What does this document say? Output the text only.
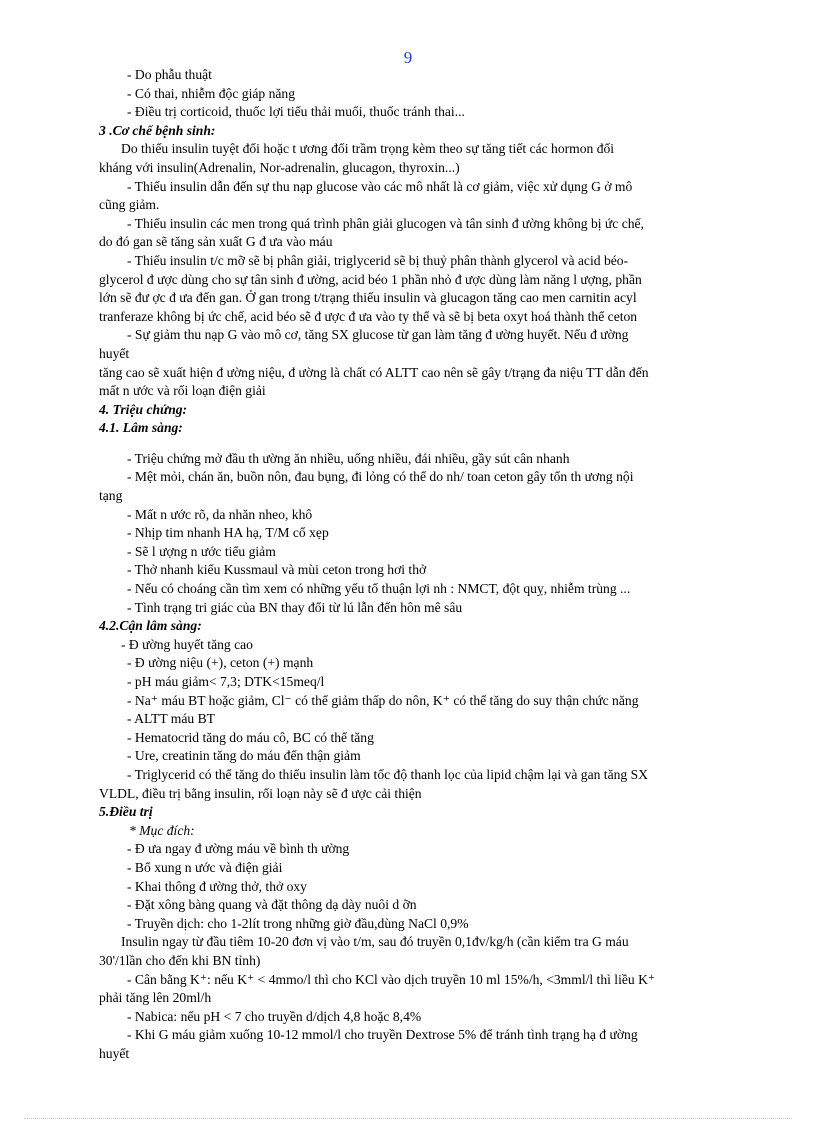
9
- Do phẫu thuật
- Có thai, nhiễm độc giáp năng
- Điều trị corticoid, thuốc lợi tiểu thải muối, thuốc tránh thai...
3 .Cơ chế bệnh sinh:
Do thiếu insulin tuyệt đối hoặc t ương đối trầm trọng kèm theo sự tăng tiết các hormon đối
kháng với insulin(Adrenalin, Nor-adrenalin, glucagon, thyroxin...)
- Thiếu insulin dẫn đến sự thu nạp glucose vào các mô nhất là cơ giảm, việc xử dụng G ở mô
cũng giảm.
- Thiếu insulin các men trong quá trình phân giải glucogen và tân sinh đ ường không bị ức chế,
do đó gan sẽ tăng sản xuất G đ ưa vào máu
- Thiếu insulin t/c mỡ sẽ bị phân giải, triglycerid sẽ bị thuỷ phân thành glycerol và acid béo-
glycerol đ ược dùng cho sự tân sinh đ ường, acid béo 1 phần nhỏ đ ược dùng làm năng l ượng, phần
lớn sẽ đư ợc đ ưa đến gan. Ở gan trong t/trạng thiếu insulin và glucagon tăng cao men carnitin acyl
tranferaze không bị ức chế, acid béo sẽ đ ược đ ưa vào ty thể và sẽ bị beta oxyt hoá thành thể ceton
- Sự giảm thu nạp G vào mô cơ, tăng SX glucose từ gan làm tăng đ ường huyết. Nếu đ ường
huyết
tăng cao sẽ xuất hiện đ ường niệu, đ ường là chất có ALTT cao nên sẽ gây t/trạng đa niệu TT dẫn đến
mất n ước và rối loạn điện giải
4. Triệu chứng:
4.1. Lâm sàng:
- Triệu chứng mở đầu th ường ăn nhiều, uống nhiều, đái nhiều, gầy sút cân nhanh
- Mệt mỏi, chán ăn, buồn nôn, đau bụng, đi lỏng có thể do nh/ toan ceton gây tổn th ương nội
tạng
- Mất n ước rõ, da nhăn nheo, khô
- Nhịp tim nhanh HA hạ, T/M cổ xẹp
- Sẽ l ượng n ước tiểu giảm
- Thở nhanh kiểu Kussmaul và mùi ceton trong hơi thở
- Nếu có choáng cần tìm xem có những yếu tố thuận lợi nh : NMCT, đột quỵ, nhiễm trùng ...
- Tình trạng tri giác của BN thay đổi từ lú lẫn đến hôn mê sâu
4.2.Cận lâm sàng:
- Đ ường huyết tăng cao
- Đ ường niệu (+), ceton (+) mạnh
- pH máu giảm< 7,3; DTK<15meq/l
- Na⁺ máu BT hoặc giảm, Cl⁻ có thể giảm thấp do nôn, K⁺ có thể tăng do suy thận chức năng
- ALTT máu BT
- Hematocrid tăng do máu cô, BC có thể tăng
- Ure, creatinin tăng do máu đến thận giảm
- Triglycerid có thể tăng do thiếu insulin làm tốc độ thanh lọc của lipid chậm lại và gan tăng SX
VLDL, điều trị bằng insulin, rối loạn này sẽ đ ược cải thiện
5.Điều trị
* Mục đích:
- Đ ưa ngay đ ường máu về bình th ường
- Bổ xung n ước và điện giải
- Khai thông đ ường thở, thở oxy
- Đặt xông bàng quang và đặt thông dạ dày nuôi d ỡn
- Truyền dịch: cho 1-2lít trong những giờ đầu,dùng NaCl 0,9%
Insulin ngay từ đầu tiêm 10-20 đơn vị vào t/m, sau đó truyền 0,1đv/kg/h (cần kiểm tra G máu
30'/1lần cho đến khi BN tỉnh)
- Cân bằng K⁺: nếu K⁺ < 4mmo/l thì cho KCl vào dịch truyền 10 ml 15%/h, <3mml/l thì liều K⁺
phải tăng lên 20ml/h
- Nabica: nếu pH < 7 cho truyền d/dịch 4,8 hoặc 8,4%
- Khi G máu giảm xuống 10-12 mmol/l cho truyền Dextrose 5% để tránh tình trạng hạ đ ường
huyết
